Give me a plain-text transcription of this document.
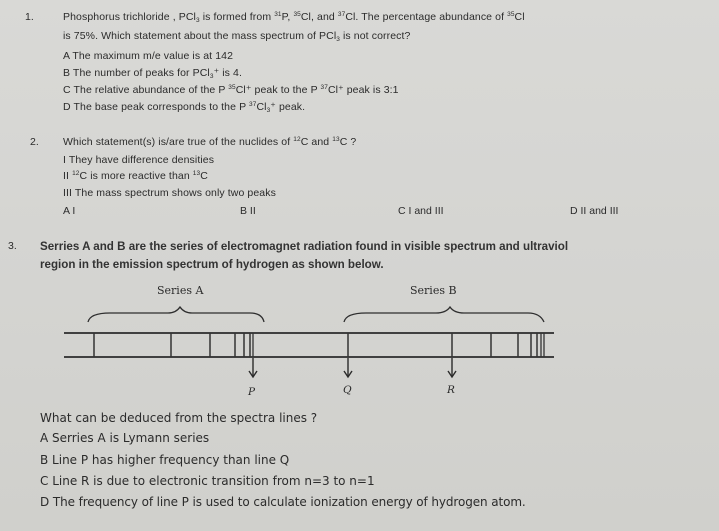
1.	Phosphorus trichloride , PCl$_3$ is formed from $^{31}$P, $^{35}$Cl, and $^{37}$Cl. The percentage abundance of $^{35}$Cl
is 75%. Which statement about the mass spectrum of PCl$_3$ is not correct?
A The maximum m/e value is at 142
B The number of peaks for PCl$_3$⁺ is 4.
C The relative abundance of the P $^{35}$Cl⁺ peak to the P $^{37}$Cl⁺ peak is 3:1
D The base peak corresponds to the P $^{37}Cl_3^+$ peak.
2. Which statement(s) is/are true of the nuclides of $^{12}$C and $^{13}$C ?
I They have difference densities
II $^{12}$C is more reactive than $^{13}$C
III The mass spectrum shows only two peaks
A I	B II	C I and III	D II and III
3. Serries A and B are the series of electromagnet radiation found in visible spectrum and ultraviol
region in the emission spectrum of hydrogen as shown below.
Series A	Series B
P	Q	R
What can be deduced from the spectra lines ?
A Serries A is Lymann series
B Line P has higher frequency than line Q
C Line R is due to electronic transition from n=3 to n=1
D The frequency of line P is used to calculate ionization energy of hydrogen atom.
